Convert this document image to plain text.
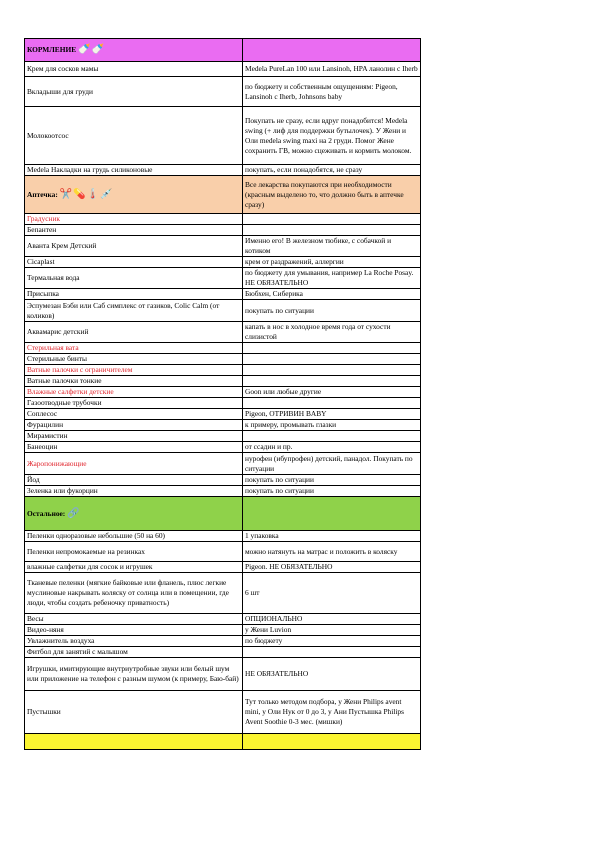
КОРМЛЕНИЕ 🍼🍼	
Крем для сосков мамы	Medela PureLan 100 или Lansinoh, HPA ланолин с Iherb
Вкладыши для груди	по бюджету и собственным ощущениям: Pigeon, Lansinoh с Iherb, Johnsons baby
Молокоотсос	Покупать не сразу, если вдруг понадобится! Medela swing (+ лиф для поддержки бутылочек). У Жени и Оли medela swing maxi на 2 груди. Помог Жене сохранить ГВ, можно сцеживать и кормить молоком.
Medela Накладки на грудь силиконовые	покупать, если понадобятся, не сразу
Аптечка: ✂️💊🌡️💉	Все лекарства покупаются при необходимости (красным выделено то, что должно быть в аптечке сразу)
Градусник	
Бепантен	
Аванта Крем Детский	Именно его! В железном тюбике, с собачкой и котиком
Cicaplast	крем от раздражений, аллергии
Термальная вода	по бюджету для умывания, например La Roche Posay. НЕ ОБЯЗАТЕЛЬНО
Присыпка	Бюбхен, Сиберика
Эспумезан Бэби или Саб симплекс от газиков, Colic Calm (от коликов)	покупать по ситуации
Аквамарис детский	капать в нос в холодное время года от сухости слизистой
Стерильная вата	
Стерильные бинты	
Ватные палочки с ограничителем	
Ватные палочки тонкие	
Влажные салфетки детские	Goon или любые другие
Газоотводные трубочки	
Соплесос	Pigeon, ОТРИВИН BABY
Фурацилин	к примеру, промывать глазки
Мирамистин	
Банеоцин	от ссадин и пр.
Жаропонижающие	нурофен (ибупрофен) детский, панадол. Покупать по ситуации
Йод	покупать по ситуации
Зеленка или фукорцин	покупать по ситуации
Остальное: 🔗	
Пеленки одноразовые небольшие (50 на 60)	1 упаковка
Пеленки непромокаемые на резинках	можно натянуть на матрас и положить в коляску
влажные салфетки для сосок и игрушек	Pigeon. НЕ ОБЯЗАТЕЛЬНО
Тканевые пеленки (мягкие байковые или фланель, плюс легкие муслиновые накрывать коляску от солнца или в помещении, где люди, чтобы создать ребеночку приватность)	6 шт
Весы	ОПЦИОНАЛЬНО
Видео-няня	у Жени Luvion
Увлажнитель воздуха	по бюджету
Фитбол для занятий с малышом	
Игрушки, имитирующие внутриутробные звуки или белый шум или приложение на телефон с разным шумом (к примеру, Баю-бай)	НЕ ОБЯЗАТЕЛЬНО
Пустышки	Тут только методом подбора, у Жени Philips avent mini, у Оли Нук от 0 до 3, у Ани Пустышка Philips Avent Soothie 0-3 мес. (мишки)
